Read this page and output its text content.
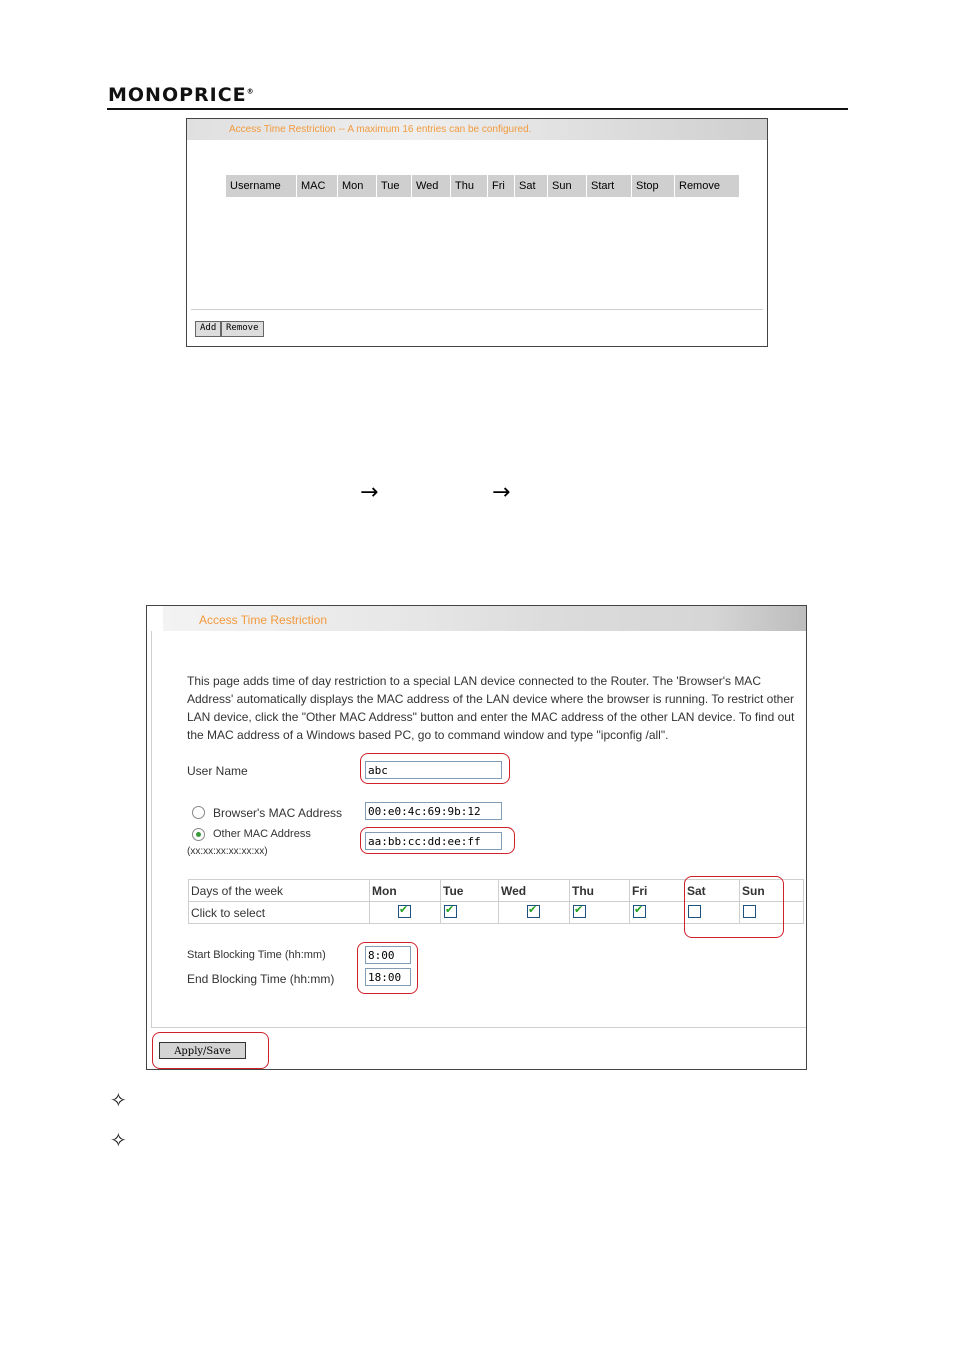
MONOPRICE®
Access Time Restriction -- A maximum 16 entries can be configured.
Username	MAC	Mon	Tue	Wed	Thu	Fri	Sat	Sun	Start	Stop	Remove
Add	Remove
→	→
Access Time Restriction

This page adds time of day restriction to a special LAN device connected to the Router. The 'Browser's MAC Address' automatically displays the MAC address of the LAN device where the browser is running. To restrict other LAN device, click the "Other MAC Address" button and enter the MAC address of the other LAN device. To find out the MAC address of a Windows based PC, go to command window and type "ipconfig /all".

User Name	abc
Browser's MAC Address 00:e0:4c:69:9b:12
Other MAC Address
(xx:xx:xx:xx:xx:xx)
aa:bb:cc:dd:ee:ff
Days of the week	Mon	Tue	Wed	Thu	Fri	Sat	Sun
Click to select	✔	✔	✔	✔	✔		
Start Blocking Time (hh:mm)	8:00
End Blocking Time (hh:mm)	18:00
Apply/Save
✧
✧
